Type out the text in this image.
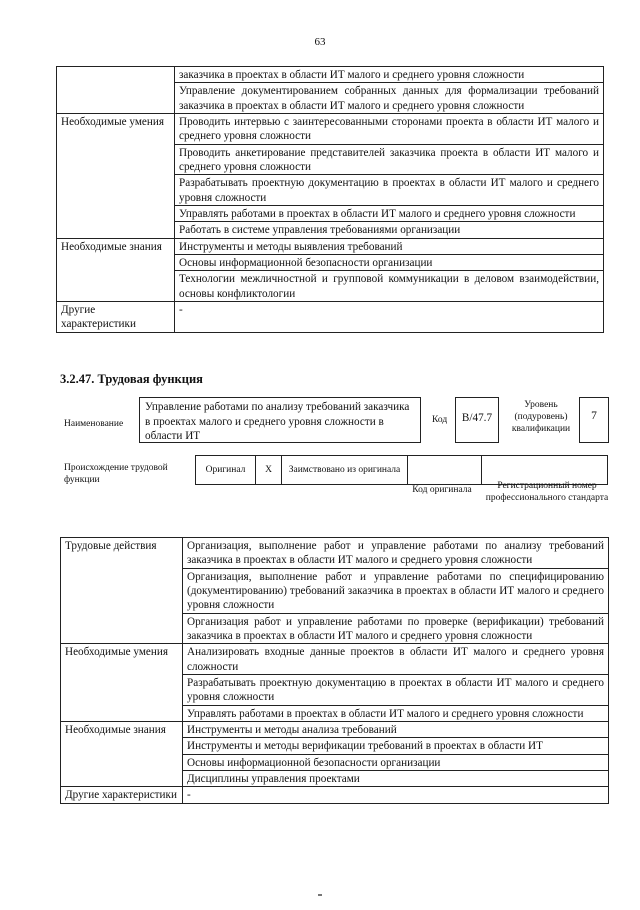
63
	заказчика в проектах в области ИТ малого и среднего уровня сложности
	Управление документированием собранных данных для формализации требований заказчика в проектах в области ИТ малого и среднего уровня сложности
Необходимые умения	Проводить интервью с заинтересованными сторонами проекта в области ИТ малого и среднего уровня сложности
	Проводить анкетирование представителей заказчика проекта в области ИТ малого и среднего уровня сложности
	Разрабатывать проектную документацию в проектах в области ИТ малого и среднего уровня сложности
	Управлять работами в проектах в области ИТ малого и среднего уровня сложности
	Работать в системе управления требованиями организации
Необходимые знания	Инструменты и методы выявления требований
	Основы информационной безопасности организации
	Технологии межличностной и групповой коммуникации в деловом взаимодействии, основы конфликтологии
Другие характеристики	-
3.2.47. Трудовая функция
Наименование
Управление работами по анализу требований заказчика в проектах малого и среднего уровня сложности в области ИТ
Код	B/47.7
Уровень (подуровень) квалификации
7
Происхождение трудовой функции
Оригинал	X	Заимствовано из оригинала		
Код оригинала	Регистрационный номер профессионального стандарта
Трудовые действия	Организация, выполнение работ и управление работами по анализу требований заказчика в проектах в области ИТ малого и среднего уровня сложности
	Организация, выполнение работ и управление работами по специфицированию (документированию) требований заказчика в проектах в области ИТ малого и среднего уровня сложности
	Организация работ и управление работами по проверке (верификации) требований заказчика в проектах в области ИТ малого и среднего уровня сложности
Необходимые умения	Анализировать входные данные проектов в области ИТ малого и среднего уровня сложности
	Разрабатывать проектную документацию в проектах в области ИТ малого и среднего уровня сложности
	Управлять работами в проектах в области ИТ малого и среднего уровня сложности
Необходимые знания	Инструменты и методы анализа требований
	Инструменты и методы верификации требований в проектах в области ИТ
	Основы информационной безопасности организации
	Дисциплины управления проектами
Другие характеристики	-
